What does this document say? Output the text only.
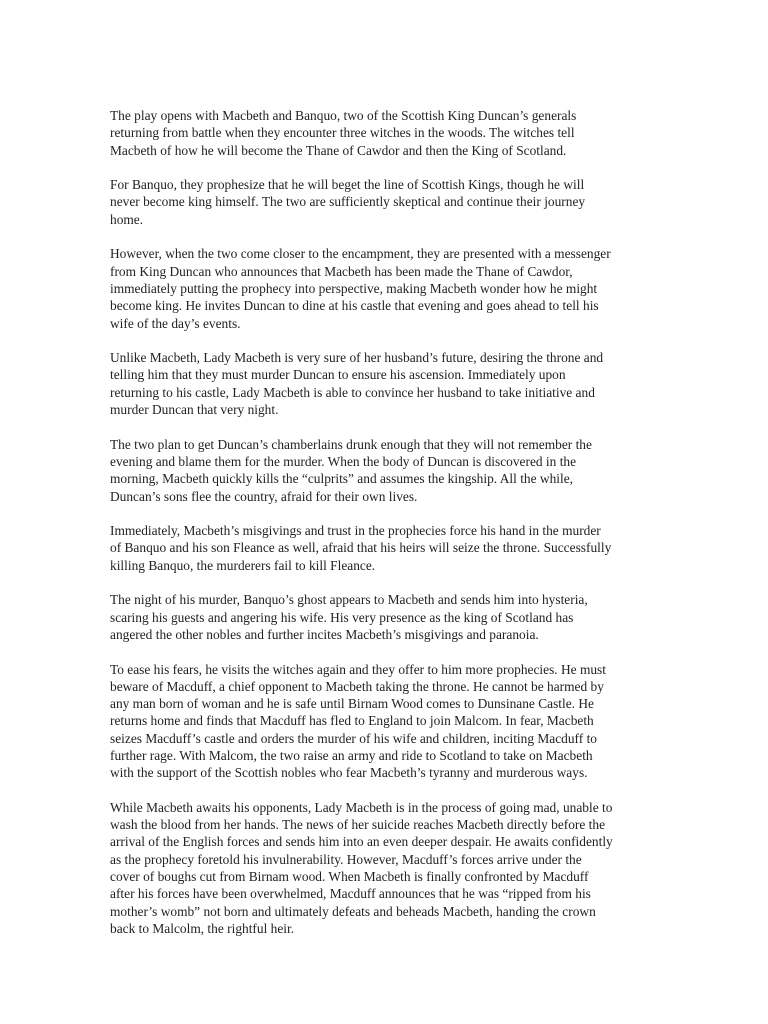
The play opens with Macbeth and Banquo, two of the Scottish King Duncan’s generals
returning from battle when they encounter three witches in the woods. The witches tell
Macbeth of how he will become the Thane of Cawdor and then the King of Scotland.

For Banquo, they prophesize that he will beget the line of Scottish Kings, though he will
never become king himself. The two are sufficiently skeptical and continue their journey
home.

However, when the two come closer to the encampment, they are presented with a messenger
from King Duncan who announces that Macbeth has been made the Thane of Cawdor,
immediately putting the prophecy into perspective, making Macbeth wonder how he might
become king. He invites Duncan to dine at his castle that evening and goes ahead to tell his
wife of the day’s events.

Unlike Macbeth, Lady Macbeth is very sure of her husband’s future, desiring the throne and
telling him that they must murder Duncan to ensure his ascension. Immediately upon
returning to his castle, Lady Macbeth is able to convince her husband to take initiative and
murder Duncan that very night.

The two plan to get Duncan’s chamberlains drunk enough that they will not remember the
evening and blame them for the murder. When the body of Duncan is discovered in the
morning, Macbeth quickly kills the “culprits” and assumes the kingship. All the while,
Duncan’s sons flee the country, afraid for their own lives.

Immediately, Macbeth’s misgivings and trust in the prophecies force his hand in the murder
of Banquo and his son Fleance as well, afraid that his heirs will seize the throne. Successfully
killing Banquo, the murderers fail to kill Fleance.

The night of his murder, Banquo’s ghost appears to Macbeth and sends him into hysteria,
scaring his guests and angering his wife. His very presence as the king of Scotland has
angered the other nobles and further incites Macbeth’s misgivings and paranoia.

To ease his fears, he visits the witches again and they offer to him more prophecies. He must
beware of Macduff, a chief opponent to Macbeth taking the throne. He cannot be harmed by
any man born of woman and he is safe until Birnam Wood comes to Dunsinane Castle. He
returns home and finds that Macduff has fled to England to join Malcom. In fear, Macbeth
seizes Macduff’s castle and orders the murder of his wife and children, inciting Macduff to
further rage. With Malcom, the two raise an army and ride to Scotland to take on Macbeth
with the support of the Scottish nobles who fear Macbeth’s tyranny and murderous ways.

While Macbeth awaits his opponents, Lady Macbeth is in the process of going mad, unable to
wash the blood from her hands. The news of her suicide reaches Macbeth directly before the
arrival of the English forces and sends him into an even deeper despair. He awaits confidently
as the prophecy foretold his invulnerability. However, Macduff’s forces arrive under the
cover of boughs cut from Birnam wood. When Macbeth is finally confronted by Macduff
after his forces have been overwhelmed, Macduff announces that he was “ripped from his
mother’s womb” not born and ultimately defeats and beheads Macbeth, handing the crown
back to Malcolm, the rightful heir.
